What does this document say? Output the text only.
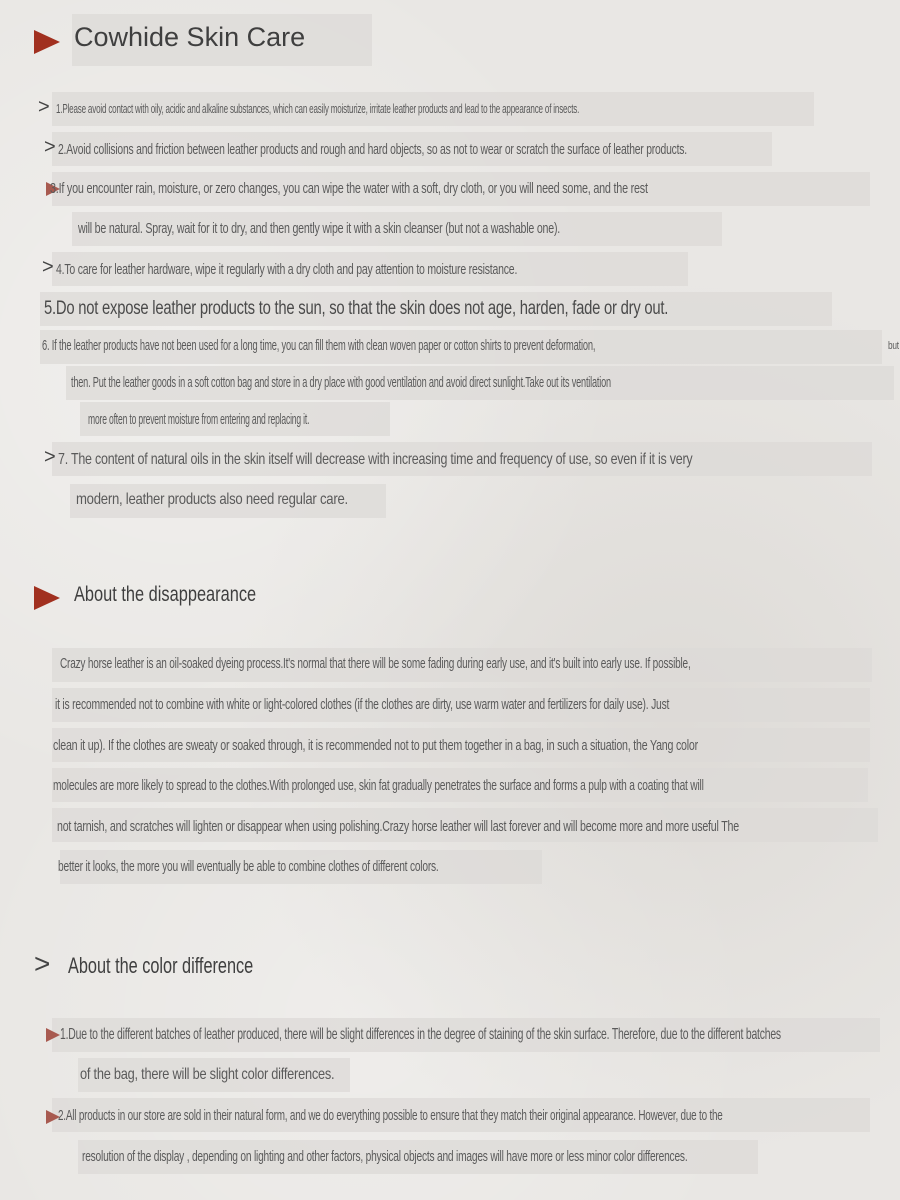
Cowhide Skin Care
> 1.Please avoid contact with oily, acidic and alkaline substances, which can easily moisturize, irritate leather products and lead to the appearance of insects.
> 2.Avoid collisions and friction between leather products and rough and hard objects, so as not to wear or scratch the surface of leather products.
3.If you encounter rain, moisture, or zero changes, you can wipe the water with a soft, dry cloth, or you will need some, and the rest
will be natural. Spray, wait for it to dry, and then gently wipe it with a skin cleanser (but not a washable one).
> 4.To care for leather hardware, wipe it regularly with a dry cloth and pay attention to moisture resistance.
5.Do not expose leather products to the sun, so that the skin does not age, harden, fade or dry out.
6. If the leather products have not been used for a long time, you can fill them with clean woven paper or cotton shirts to prevent deformation,	but
then. Put the leather goods in a soft cotton bag and store in a dry place with good ventilation and avoid direct sunlight.Take out its ventilation
more often to prevent moisture from entering and replacing it.
> 7. The content of natural oils in the skin itself will decrease with increasing time and frequency of use, so even if it is very
modern, leather products also need regular care.
About the disappearance
Crazy horse leather is an oil-soaked dyeing process.It's normal that there will be some fading during early use, and it's built into early use. If possible,
it is recommended not to combine with white or light-colored clothes (if the clothes are dirty, use warm water and fertilizers for daily use). Just
clean it up). If the clothes are sweaty or soaked through, it is recommended not to put them together in a bag, in such a situation, the Yang color
molecules are more likely to spread to the clothes.With prolonged use, skin fat gradually penetrates the surface and forms a pulp with a coating that will
not tarnish, and scratches will lighten or disappear when using polishing.Crazy horse leather will last forever and will become more and more useful The
better it looks, the more you will eventually be able to combine clothes of different colors.
> About the color difference
1.Due to the different batches of leather produced, there will be slight differences in the degree of staining of the skin surface. Therefore, due to the different batches
of the bag, there will be slight color differences.
2.All products in our store are sold in their natural form, and we do everything possible to ensure that they match their original appearance. However, due to the
resolution of the display , depending on lighting and other factors, physical objects and images will have more or less minor color differences.
